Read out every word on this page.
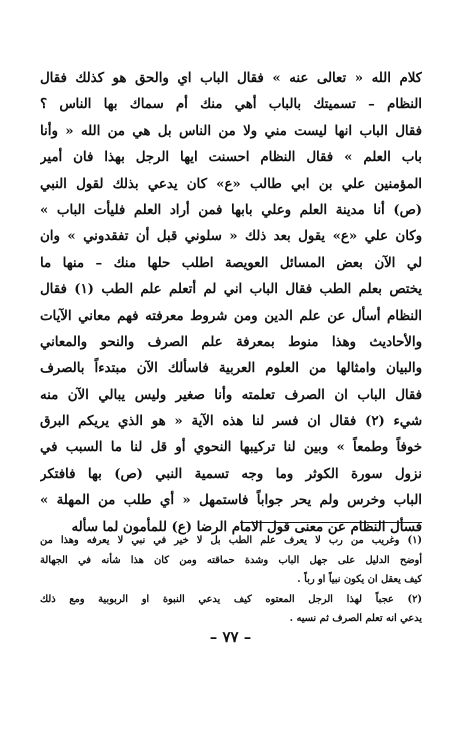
كلام الله « تعالى عنه » فقال الباب اي والحق هو كذلك فقال
النظام – تسميتك بالباب أهي منك أم سماك بها الناس ؟
فقال الباب انها ليست مني ولا من الناس بل هي من الله « وأنا
باب العلم » فقال النظام احسنت ايها الرجل بهذا فان أمير
المؤمنين علي بن ابي طالب «ع» كان يدعي بذلك لقول النبي
(ص) أنا مدينة العلم وعلي بابها فمن أراد العلم فليأت الباب »
وكان علي «ع» يقول بعد ذلك « سلوني قبل أن تفقدوني » وان
لي الآن بعض المسائل العويصة اطلب حلها منك – منها ما
يختص بعلم الطب فقال الباب اني لم أتعلم علم الطب (١) فقال
النظام أسأل عن علم الدين ومن شروط معرفته فهم معاني الآيات
والأحاديث وهذا منوط بمعرفة علم الصرف والنحو والمعاني
والبيان وامثالها من العلوم العربية فاسألك الآن مبتدءاً بالصرف
فقال الباب ان الصرف تعلمته وأنا صغير وليس يبالي الآن منه
شيء (٢) فقال ان فسر لنا هذه الآية « هو الذي يريكم البرق
خوفاً وطمعاً » وبين لنا تركيبها النحوي أو قل لنا ما السبب في
نزول سورة الكوثر وما وجه تسمية النبي (ص) بها فافتكر
الباب وخرس ولم يحر جواباً فاستمهل « أي طلب من المهلة »
فسأل النظام عن معنى قول الامام الرضا (ع) للمأمون لما سأله
(١) وغريب من رب لا يعرف علم الطب بل لا خير في نبي لا يعرفه وهذا من
أوضح الدليل على جهل الباب وشدة حماقته ومن كان هذا شأنه في الجهالة
كيف يعقل ان يكون نبياً او رباً .
(٢) عجباً لهذا الرجل المعتوه كيف يدعي النبوة او الربوبية ومع ذلك
يدعي انه تعلم الصرف ثم نسيه .
– ٧٧ –
